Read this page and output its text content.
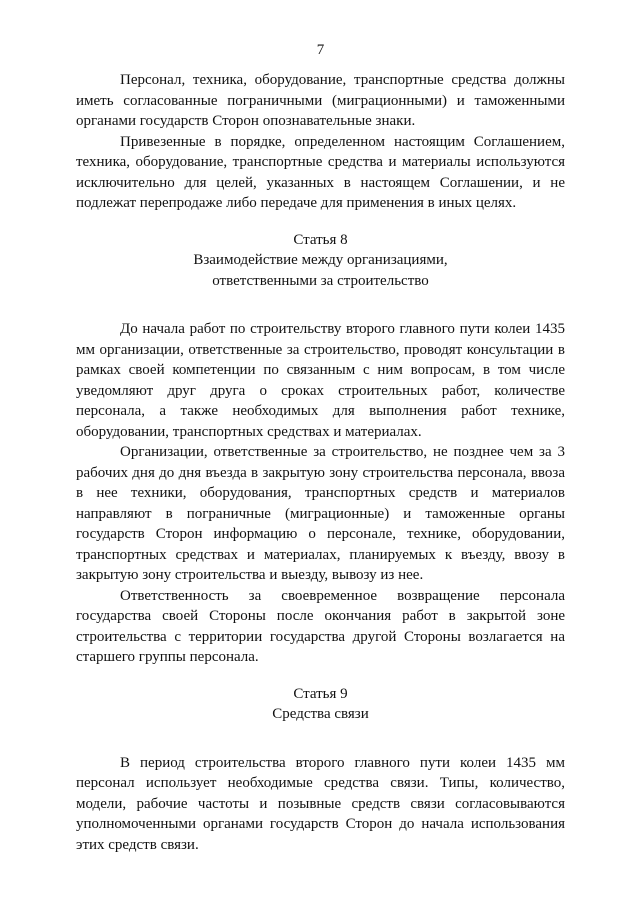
7

Персонал, техника, оборудование, транспортные средства должны иметь согласованные пограничными (миграционными) и таможенными органами государств Сторон опознавательные знаки.

Привезенные в порядке, определенном настоящим Соглашением, техника, оборудование, транспортные средства и материалы используются исключительно для целей, указанных в настоящем Соглашении, и не подлежат перепродаже либо передаче для применения в иных целях.

Статья 8
Взаимодействие между организациями,
ответственными за строительство

До начала работ по строительству второго главного пути колеи 1435 мм организации, ответственные за строительство, проводят консультации в рамках своей компетенции по связанным с ним вопросам, в том числе уведомляют друг друга о сроках строительных работ, количестве персонала, а также необходимых для выполнения работ технике, оборудовании, транспортных средствах и материалах.

Организации, ответственные за строительство, не позднее чем за 3 рабочих дня до дня въезда в закрытую зону строительства персонала, ввоза в нее техники, оборудования, транспортных средств и материалов направляют в пограничные (миграционные) и таможенные органы государств Сторон информацию о персонале, технике, оборудовании, транспортных средствах и материалах, планируемых к въезду, ввозу в закрытую зону строительства и выезду, вывозу из нее.

Ответственность за своевременное возвращение персонала государства своей Стороны после окончания работ в закрытой зоне строительства с территории государства другой Стороны возлагается на старшего группы персонала.

Статья 9
Средства связи

В период строительства второго главного пути колеи 1435 мм персонал использует необходимые средства связи. Типы, количество, модели, рабочие частоты и позывные средств связи согласовываются уполномоченными органами государств Сторон до начала использования этих средств связи.
